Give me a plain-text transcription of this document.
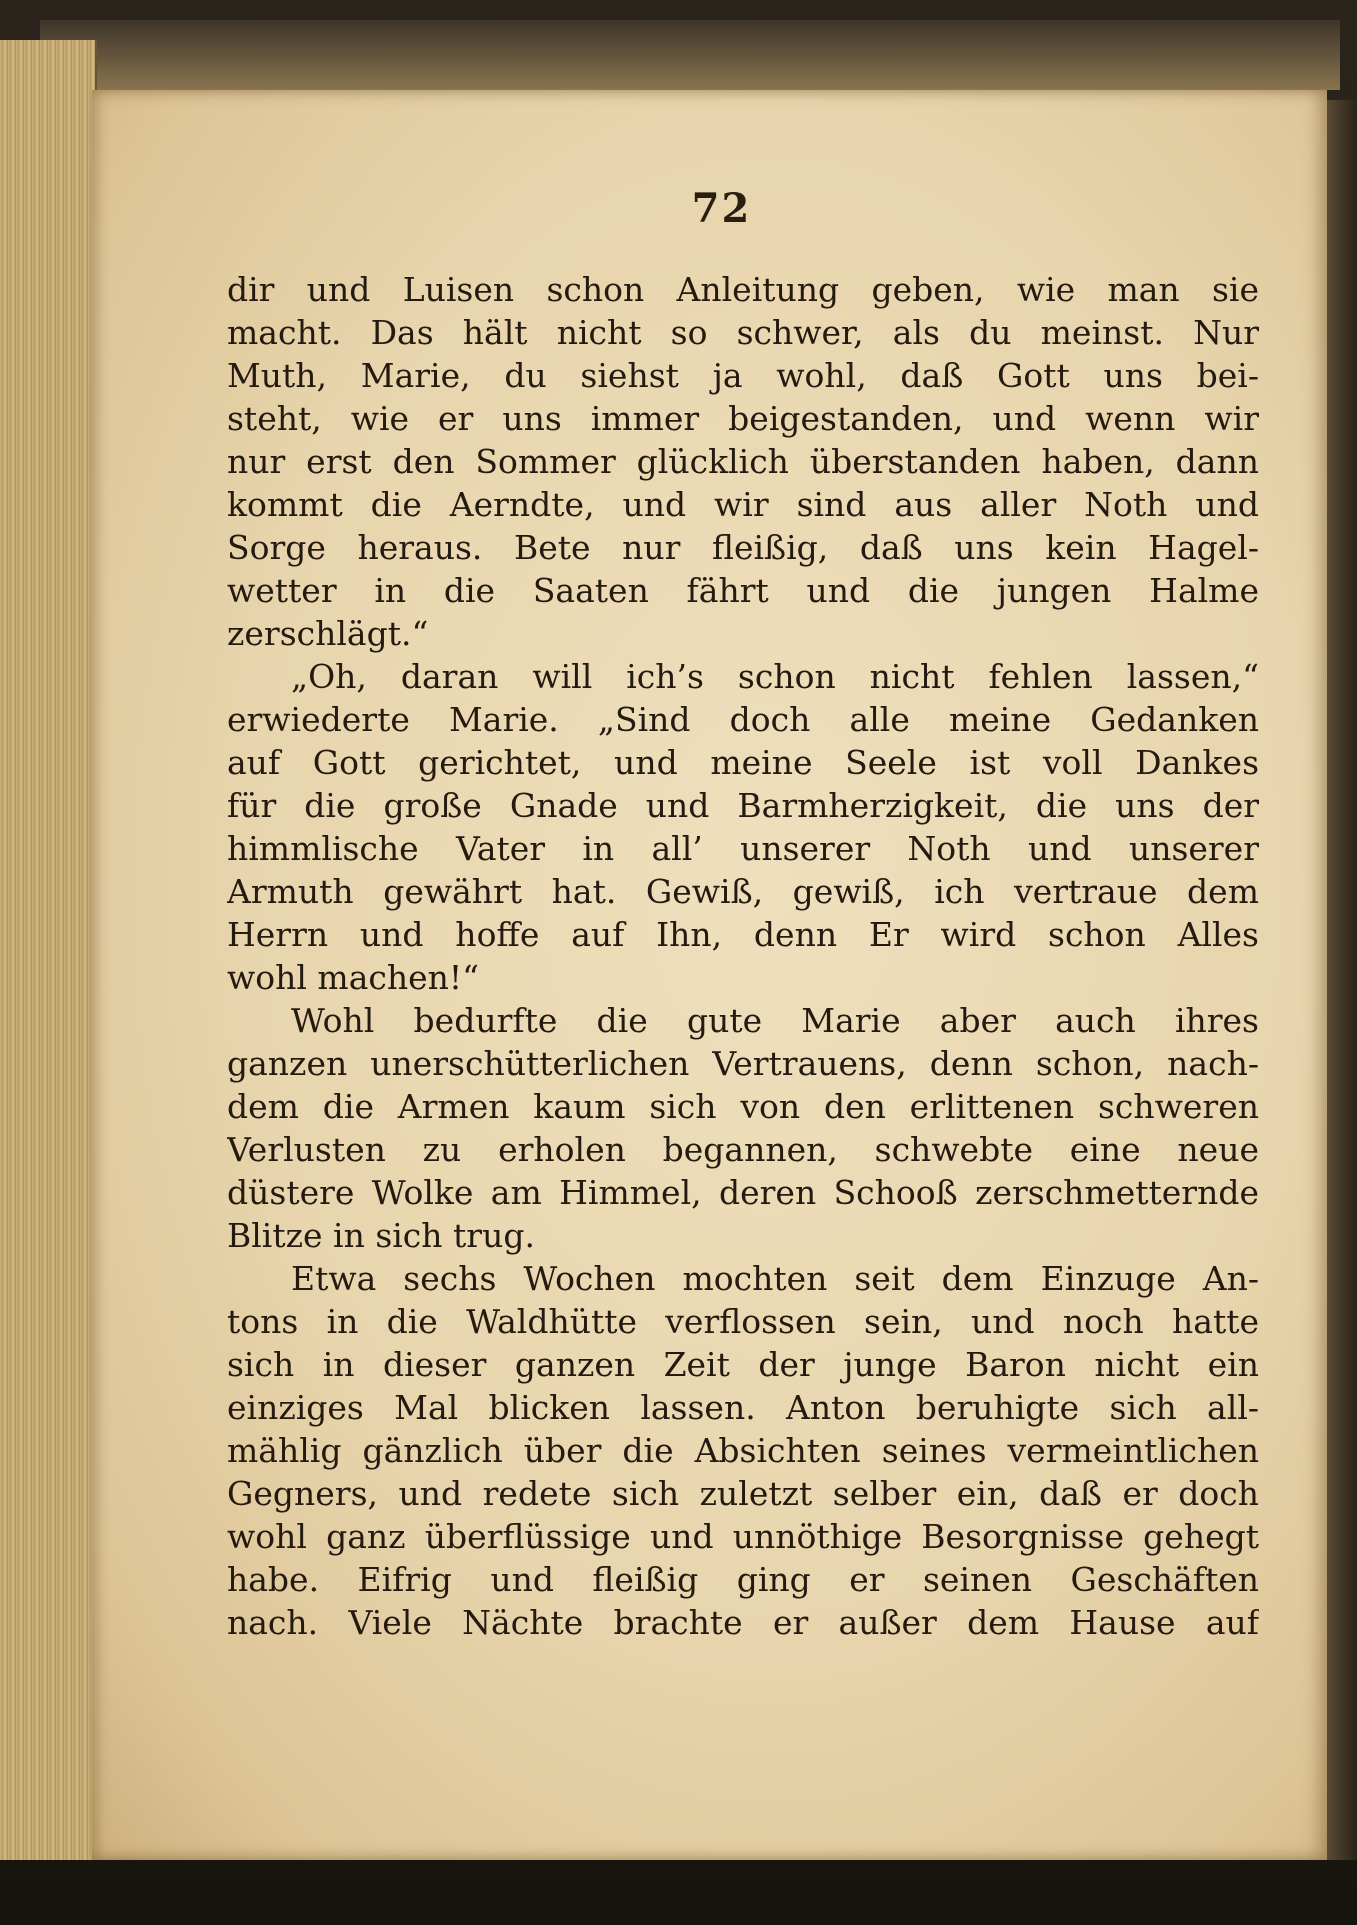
72
dir und Luisen schon Anleitung geben, wie man sie
macht. Das hält nicht so schwer, als du meinst. Nur
Muth, Marie, du siehst ja wohl, daß Gott uns bei-
steht, wie er uns immer beigestanden, und wenn wir
nur erst den Sommer glücklich überstanden haben, dann
kommt die Aerndte, und wir sind aus aller Noth und
Sorge heraus. Bete nur fleißig, daß uns kein Hagel-
wetter in die Saaten fährt und die jungen Halme
zerschlägt.“
„Oh, daran will ich’s schon nicht fehlen lassen,“
erwiederte Marie. „Sind doch alle meine Gedanken
auf Gott gerichtet, und meine Seele ist voll Dankes
für die große Gnade und Barmherzigkeit, die uns der
himmlische Vater in all’ unserer Noth und unserer
Armuth gewährt hat. Gewiß, gewiß, ich vertraue dem
Herrn und hoffe auf Ihn, denn Er wird schon Alles
wohl machen!“
Wohl bedurfte die gute Marie aber auch ihres
ganzen unerschütterlichen Vertrauens, denn schon, nach-
dem die Armen kaum sich von den erlittenen schweren
Verlusten zu erholen begannen, schwebte eine neue
düstere Wolke am Himmel, deren Schooß zerschmetternde
Blitze in sich trug.
Etwa sechs Wochen mochten seit dem Einzuge An-
tons in die Waldhütte verflossen sein, und noch hatte
sich in dieser ganzen Zeit der junge Baron nicht ein
einziges Mal blicken lassen. Anton beruhigte sich all-
mählig gänzlich über die Absichten seines vermeintlichen
Gegners, und redete sich zuletzt selber ein, daß er doch
wohl ganz überflüssige und unnöthige Besorgnisse gehegt
habe. Eifrig und fleißig ging er seinen Geschäften
nach. Viele Nächte brachte er außer dem Hause auf
